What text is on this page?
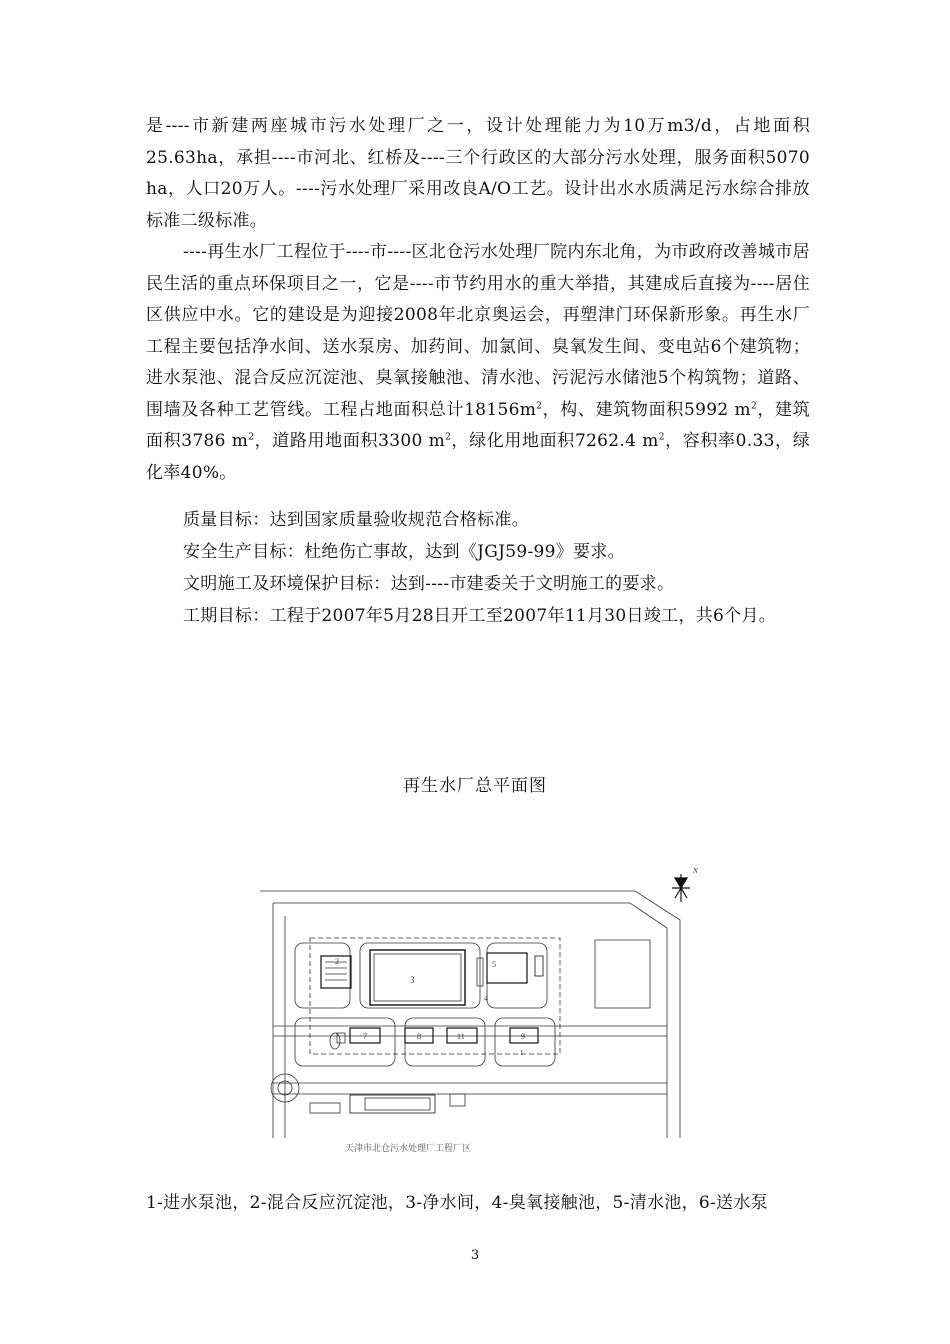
是----市新建两座城市污水处理厂之一，设计处理能力为10万m3/d，占地面积25.63ha，承担----市河北、红桥及----三个行政区的大部分污水处理，服务面积5070 ha，人口20万人。----污水处理厂采用改良A/O工艺。设计出水水质满足污水综合排放标准二级标准。

----再生水厂工程位于----市----区北仓污水处理厂院内东北角，为市政府改善城市居民生活的重点环保项目之一，它是----市节约用水的重大举措，其建成后直接为----居住区供应中水。它的建设是为迎接2008年北京奥运会，再塑津门环保新形象。再生水厂工程主要包括净水间、送水泵房、加药间、加氯间、臭氧发生间、变电站6个建筑物；进水泵池、混合反应沉淀池、臭氧接触池、清水池、污泥污水储池5个构筑物；道路、围墙及各种工艺管线。工程占地面积总计$18156m^2$，构、建筑物面积5992 $m^2$，建筑面积3786 $m^2$，道路用地面积3300 $m^2$，绿化用地面积7262.4 $m^2$，容积率0.33，绿化率40%。

质量目标：达到国家质量验收规范合格标准。

安全生产目标：杜绝伤亡事故，达到《JGJ59-99》要求。

文明施工及环境保护目标：达到----市建委关于文明施工的要求。

工期目标：工程于2007年5月28日开工至2007年11月30日竣工，共6个月。

再生水厂总平面图
N
2
3
5
4
7	8	11	9
1
天津市北仓污水处理厂工程厂区
1-进水泵池，2-混合反应沉淀池，3-净水间，4-臭氧接触池，5-清水池，6-送水泵
3
